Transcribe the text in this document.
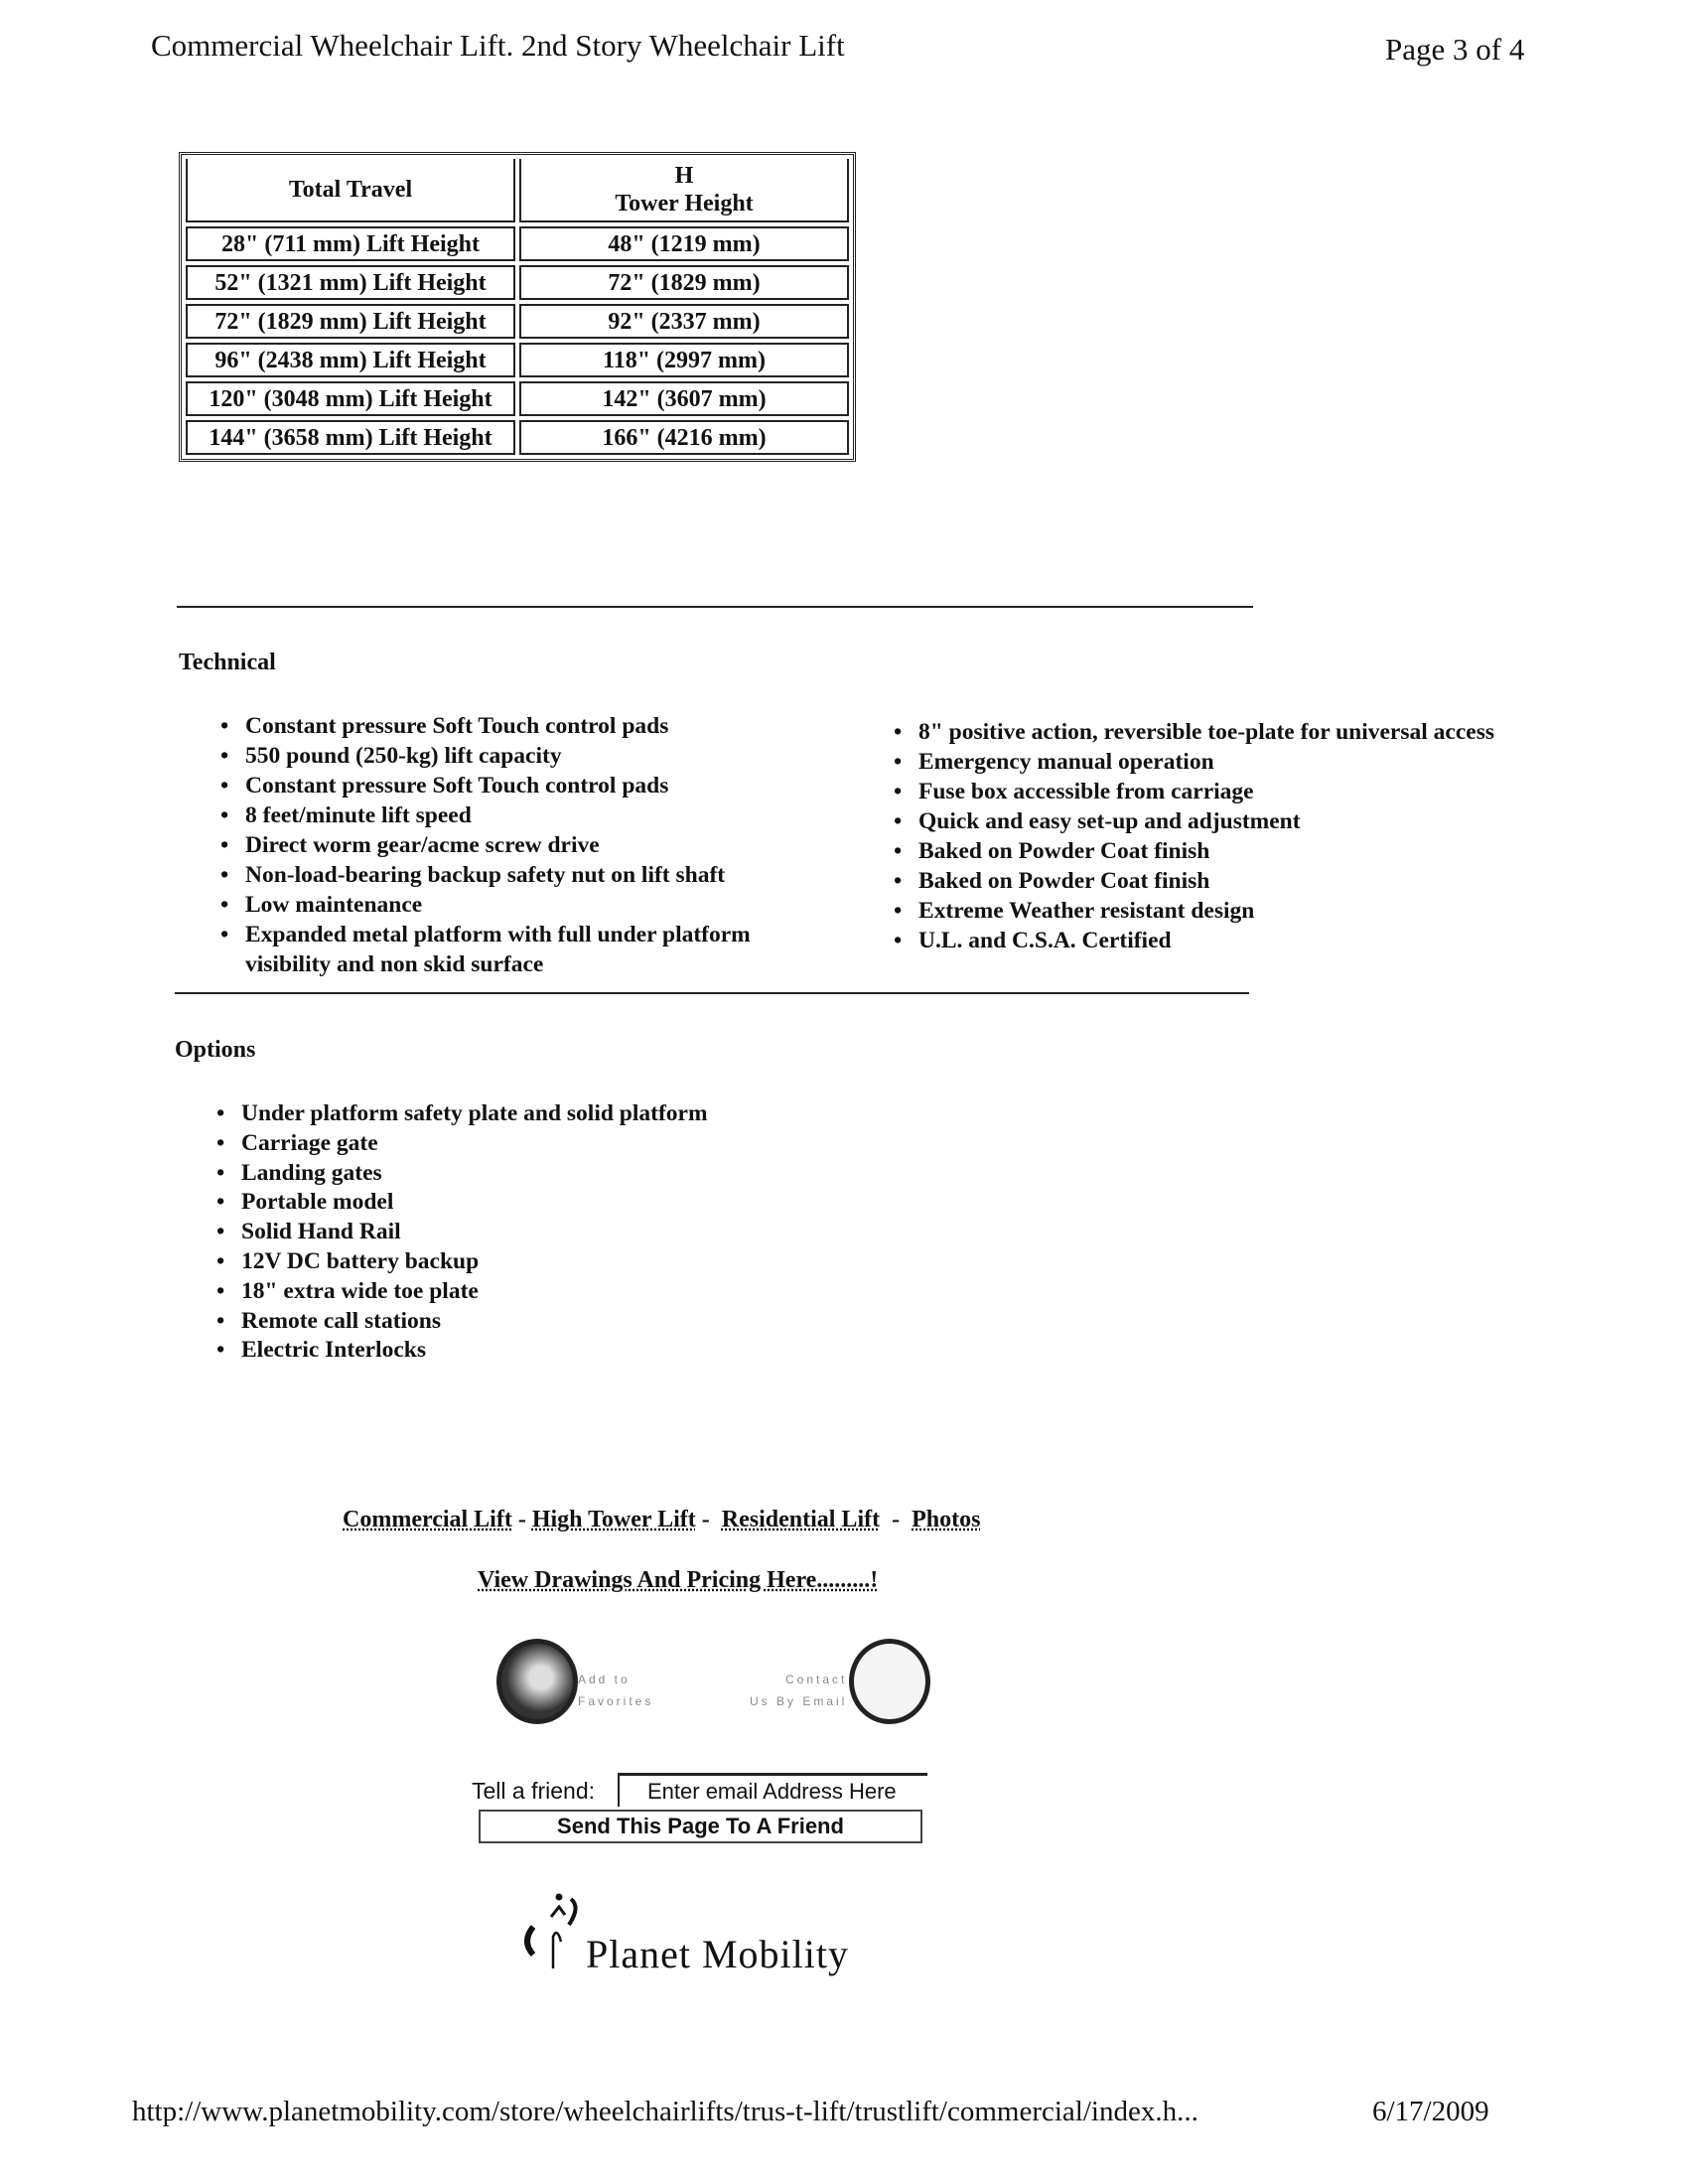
Commercial Wheelchair Lift. 2nd Story Wheelchair Lift	Page 3 of 4
Total Travel	H
Tower Height
28" (711 mm) Lift Height	48" (1219 mm)
52" (1321 mm) Lift Height	72" (1829 mm)
72" (1829 mm) Lift Height	92" (2337 mm)
96" (2438 mm) Lift Height	118" (2997 mm)
120" (3048 mm) Lift Height	142" (3607 mm)
144" (3658 mm) Lift Height	166" (4216 mm)
Technical
• Constant pressure Soft Touch control pads
• 550 pound (250-kg) lift capacity
• Constant pressure Soft Touch control pads
• 8 feet/minute lift speed
• Direct worm gear/acme screw drive
• Non-load-bearing backup safety nut on lift shaft
• Low maintenance
• Expanded metal platform with full under platform visibility and non skid surface
• 8" positive action, reversible toe-plate for universal access
• Emergency manual operation
• Fuse box accessible from carriage
• Quick and easy set-up and adjustment
• Baked on Powder Coat finish
• Baked on Powder Coat finish
• Extreme Weather resistant design
• U.L. and C.S.A. Certified
Options
• Under platform safety plate and solid platform
• Carriage gate
• Landing gates
• Portable model
• Solid Hand Rail
• 12V DC battery backup
• 18" extra wide toe plate
• Remote call stations
• Electric Interlocks
Commercial Lift - High Tower Lift - Residential Lift - Photos
View Drawings And Pricing Here.........!
Add to
Favorites
Contact
Us By Email
Tell a friend:
Enter email Address Here
Send This Page To A Friend
Planet Mobility
http://www.planetmobility.com/store/wheelchairlifts/trus-t-lift/trustlift/commercial/index.h...	6/17/2009
